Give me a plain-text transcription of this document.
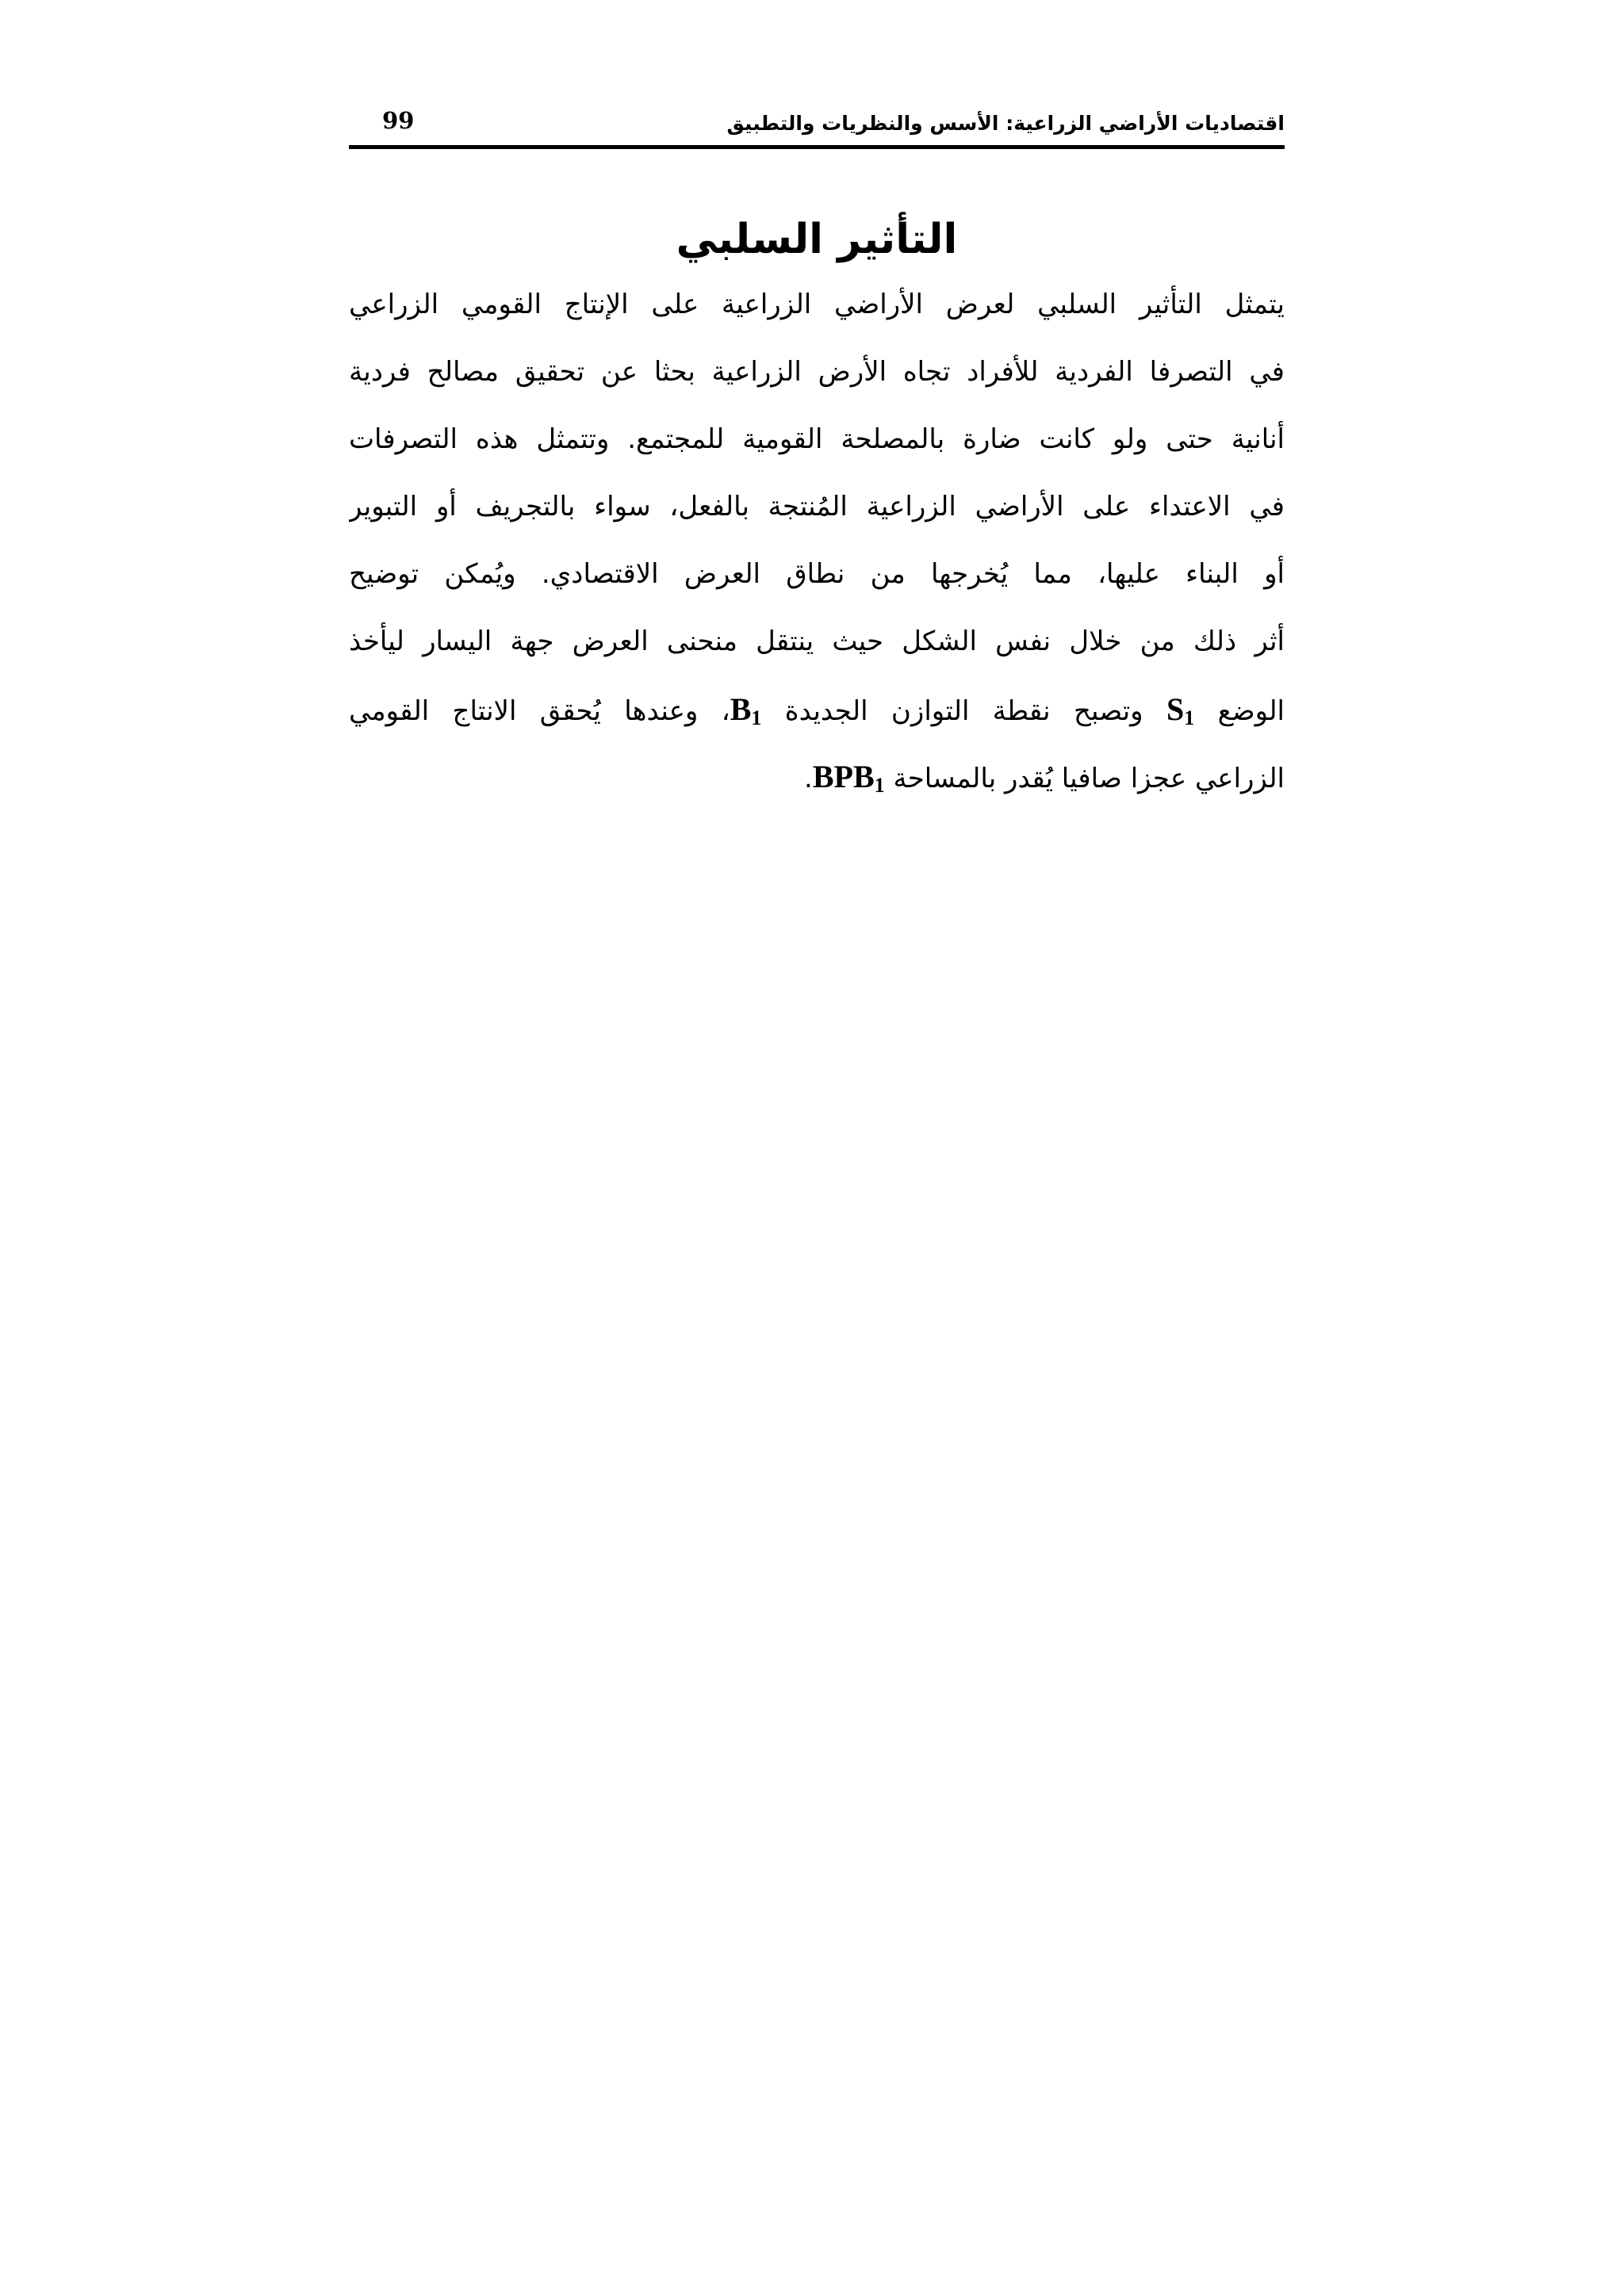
اقتصاديات الأراضي الزراعية: الأسس والنظريات والتطبيق
99
التأثير السلبي
يتمثل التأثير السلبي لعرض الأراضي الزراعية على الإنتاج القومي الزراعي
في التصرفا الفردية للأفراد تجاه الأرض الزراعية بحثا عن تحقيق مصالح فردية
أنانية حتى ولو كانت ضارة بالمصلحة القومية للمجتمع. وتتمثل هذه التصرفات
في الاعتداء على الأراضي الزراعية المُنتجة بالفعل، سواء بالتجريف أو التبوير
أو البناء عليها، مما يُخرجها من نطاق العرض الاقتصادي. ويُمكن توضيح
أثر ذلك من خلال نفس الشكل حيث ينتقل منحنى العرض جهة اليسار ليأخذ
الوضع $S_1$ وتصبح نقطة التوازن الجديدة $B_1،$ وعندها يُحقق الانتاج القومي
الزراعي عجزا صافيا يُقدر بالمساحة $BPB_1$.
